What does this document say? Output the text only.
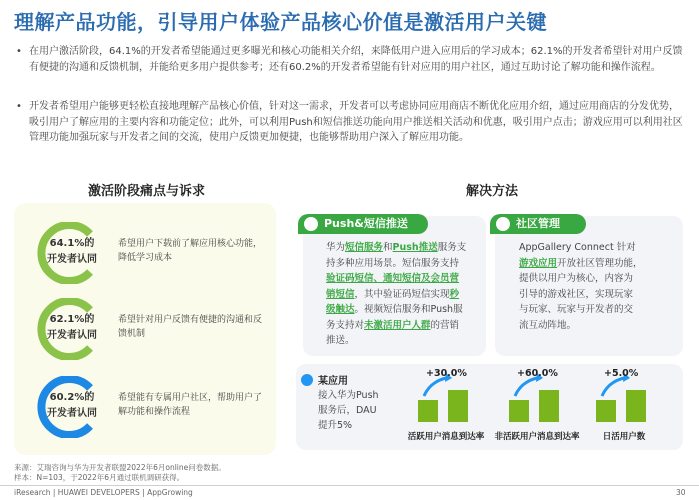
理解产品功能，引导用户体验产品核心价值是激活用户关键
• 在用户激活阶段，64.1%的开发者希望能通过更多曝光和核心功能相关介绍，来降低用户进入应用后的学习成本；62.1%的开发者希望针对用户反馈有便捷的沟通和反馈机制，并能给更多用户提供参考；还有60.2%的开发者希望能有针对应用的用户社区，通过互助讨论了解功能和操作流程。
• 开发者希望用户能够更轻松直接地理解产品核心价值，针对这一需求，开发者可以考虑协同应用商店不断优化应用介绍，通过应用商店的分发优势，吸引用户了解应用的主要内容和功能定位；此外，可以利用Push和短信推送功能向用户推送相关活动和优惠，吸引用户点击；游戏应用可以利用社区管理功能加强玩家与开发者之间的交流，使用户反馈更加便捷，也能够帮助用户深入了解应用功能。
激活阶段痛点与诉求
64.1%的
开发者认同
希望用户下载前了解应用核心功能，降低学习成本
62.1%的
开发者认同
希望针对用户反馈有便捷的沟通和反馈机制
60.2%的
开发者认同
希望能有专属用户社区，帮助用户了解功能和操作流程
解决方法
Push&短信推送
华为短信服务和Push推送服务支
持多种应用场景。短信服务支持
验证码短信、通知短信及会员营
销短信，其中验证码短信实现秒
级触达。视频短信服务和Push服
务支持对未激活用户人群的营销
推送。
社区管理
AppGallery Connect 针对
游戏应用开放社区管理功能，
提供以用户为核心，内容为
引导的游戏社区，实现玩家
与玩家、玩家与开发者的交
流互动阵地。
某应用
接入华为Push
服务后，DAU
提升5%
+30.0%
活跃用户消息到达率
+60.0%
非活跃用户消息到达率
+5.0%
日活用户数
来源：艾瑞咨询与华为开发者联盟2022年6月online问卷数据。
样本：N=103，于2022年6月通过联机调研获得。
iResearch | HUAWEI DEVELOPERS | AppGrowing	30
